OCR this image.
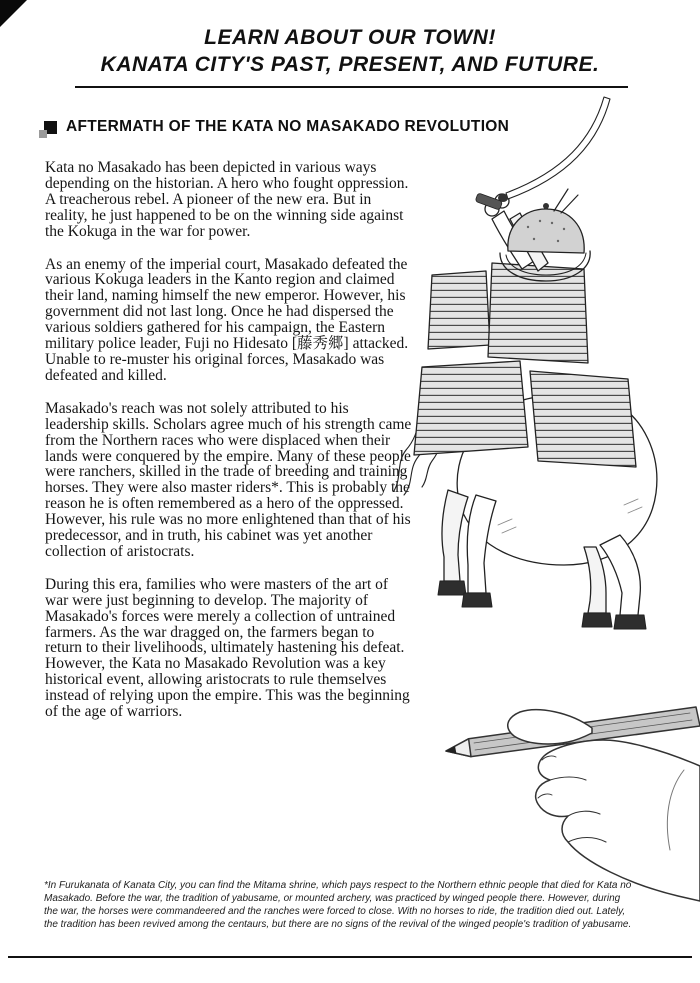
LEARN ABOUT OUR TOWN!
KANATA CITY'S PAST, PRESENT, AND FUTURE.
AFTERMATH OF THE KATA NO MASAKADO REVOLUTION

Kata no Masakado has been depicted in various ways depending on the historian. A hero who fought oppression. A treacherous rebel. A pioneer of the new era. But in reality, he just happened to be on the winning side against the Kokuga in the war for power.

As an enemy of the imperial court, Masakado defeated the various Kokuga leaders in the Kanto region and claimed their land, naming himself the new emperor. However, his government did not last long. Once he had dispersed the various soldiers gathered for his campaign, the Eastern military police leader, Fuji no Hidesato [藤秀郷] attacked. Unable to re-muster his original forces, Masakado was defeated and killed.

Masakado's reach was not solely attributed to his leadership skills. Scholars agree much of his strength came from the Northern races who were displaced when their lands were conquered by the empire. Many of these people were ranchers, skilled in the trade of breeding and training horses. They were also master riders*. This is probably the reason he is often remembered as a hero of the oppressed. However, his rule was no more enlightened than that of his predecessor, and in truth, his cabinet was yet another collection of aristocrats.

During this era, families who were masters of the art of war were just beginning to develop. The majority of Masakado's forces were merely a collection of untrained farmers. As the war dragged on, the farmers began to return to their livelihoods, ultimately hastening his defeat. However, the Kata no Masakado Revolution was a key historical event, allowing aristocrats to rule themselves instead of relying upon the empire. This was the beginning of the age of warriors.

*In Furukanata of Kanata City, you can find the Mitama shrine, which pays respect to the Northern ethnic people that died for Kata no Masakado. Before the war, the tradition of yabusame, or mounted archery, was practiced by winged people there. However, during the war, the horses were commandeered and the ranches were forced to close. With no horses to ride, the tradition died out. Lately, the tradition has been revived among the centaurs, but there are no signs of the revival of the winged people's tradition of yabusame.
